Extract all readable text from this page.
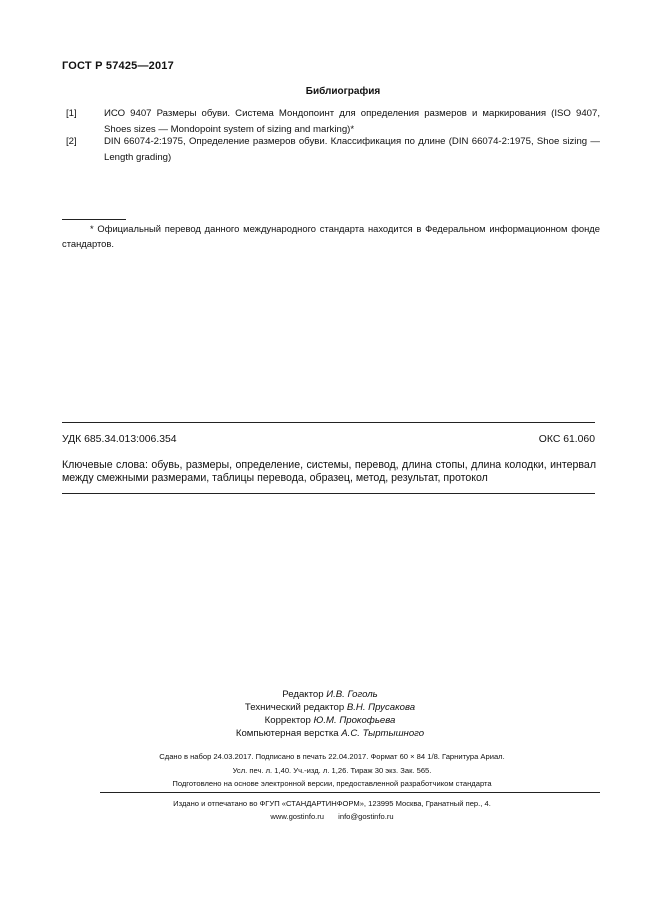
ГОСТ Р 57425—2017
Библиография
[1]	ИСО 9407 Размеры обуви. Система Мондопоинт для определения размеров и маркирования (ISO 9407, Shoes sizes — Mondopoint system of sizing and marking)*
[2]	DIN 66074-2:1975, Определение размеров обуви. Классификация по длине (DIN 66074-2:1975, Shoe sizing — Length grading)
* Официальный перевод данного международного стандарта находится в Федеральном информационном фонде стандартов.
УДК 685.34.013:006.354	ОКС 61.060
Ключевые слова: обувь, размеры, определение, системы, перевод, длина стопы, длина колодки, интервал между смежными размерами, таблицы перевода, образец, метод, результат, протокол
Редактор И.В. Гоголь
Технический редактор В.Н. Прусакова
Корректор Ю.М. Прокофьева
Компьютерная верстка А.С. Тыртышного
Сдано в набор 24.03.2017. Подписано в печать 22.04.2017. Формат 60 × 84 1/8. Гарнитура Ариал.
Усл. печ. л. 1,40. Уч.-изд. л. 1,26. Тираж 30 экз. Зак. 565.
Подготовлено на основе электронной версии, предоставленной разработчиком стандарта
Издано и отпечатано во ФГУП «СТАНДАРТИНФОРМ», 123995 Москва, Гранатный пер., 4.
www.gostinfo.ru info@gostinfo.ru
